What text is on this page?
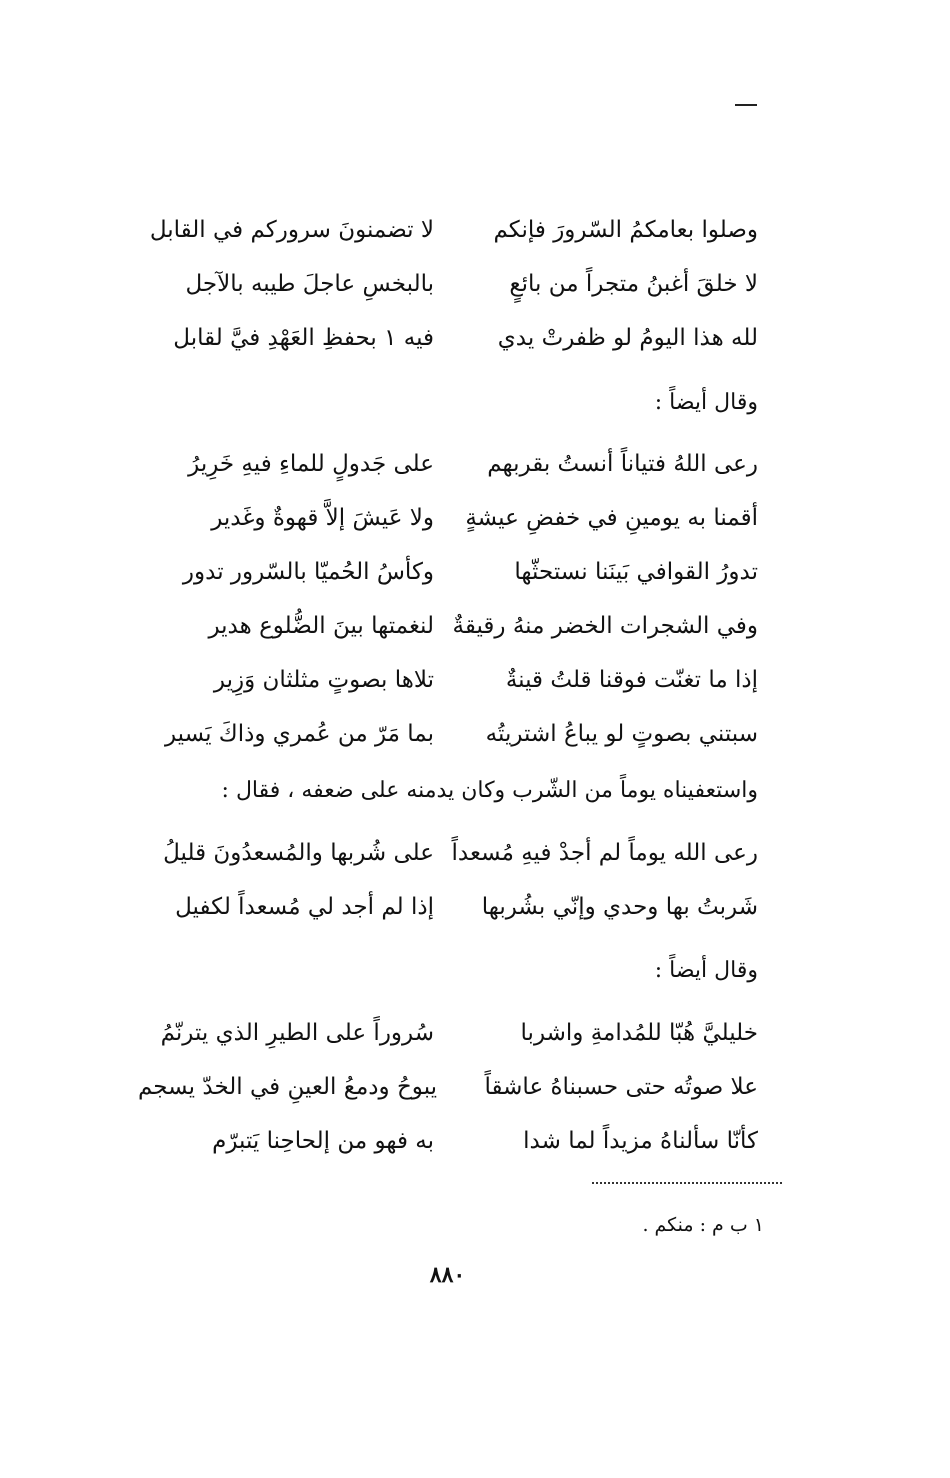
وصلوا بعامكمُ السّرورَ فإنكم
لا تضمنونَ سروركم في القابل
لا خلقَ أغبنُ متجراً من بائعٍ
بالبخسِ عاجلَ طيبه بالآجل
لله هذا اليومُ لو ظفرتْ يدي
فيه ١ بحفظِ العَهْدِ فيَّ لقابل
وقال أيضاً :
رعى اللهُ فتياناً أنستُ بقربهم
على جَدولٍ للماءِ فيهِ خَرِيرُ
أقمنا به يومينِ في خفضِ عيشةٍ
ولا عَيشَ إلاَّ قهوةٌ وغَدير
تدورُ القوافي بَينَنا نستحثّها
وكأسُ الحُميّا بالسّرور تدور
وفي الشجرات الخضر منهُ رقيقةٌ
لنغمتها بينَ الضُّلوع هدير
إذا ما تغنّت فوقنا قلتُ قينةٌ
تلاها بصوتٍ مثلثان وَزِير
سبتني بصوتٍ لو يباعُ اشتريتُه
بما مَرّ من عُمري وذاكَ يَسير
واستعفيناه يوماً من الشّرب وكان يدمنه على ضعفه ، فقال :
رعى الله يوماً لم أجدْ فيهِ مُسعداً
على شُربها والمُسعدُونَ قليلُ
شَربتُ بها وحدي وإنّي بشُربها
إذا لم أجد لي مُسعداً لكفيل
وقال أيضاً :
خليليَّ هُبّا للمُدامةِ واشربا
سُروراً على الطيرِ الذي يترنّمُ
علا صوتُه حتى حسبناهُ عاشقاً
يبوحُ ودمعُ العينِ في الخدّ يسجم
كأنّا سألناهُ مزيداً لما شدا
به فهو من إلحاحِنا يَتبرّم
١ ب م : منكم .
٨٨٠
